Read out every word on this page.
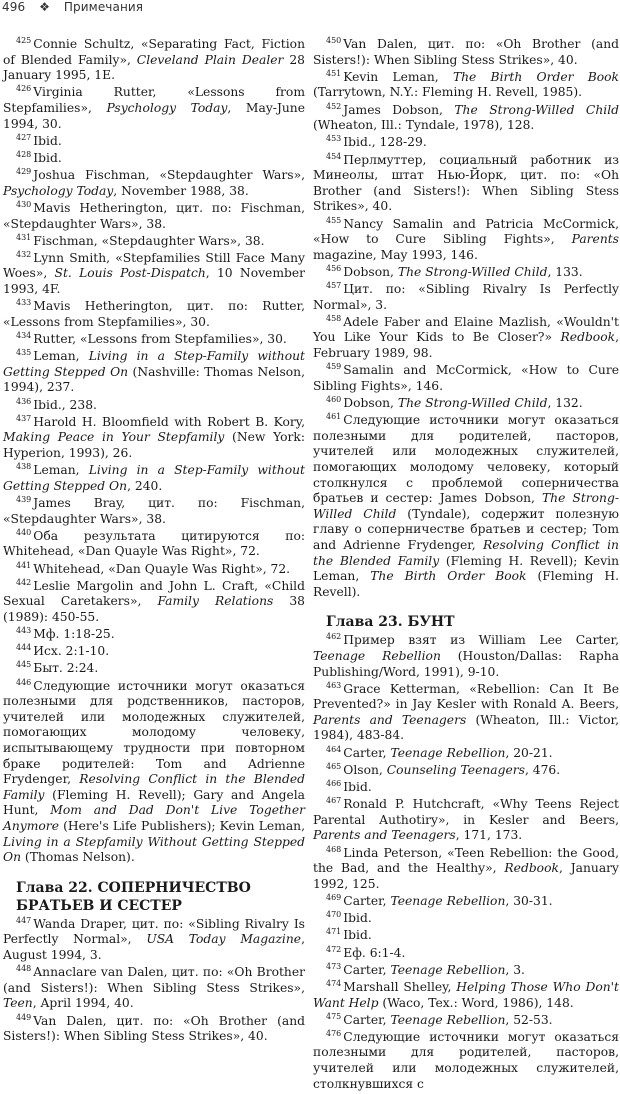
496 ❖ Примечания

$^{425}$ Connie Schultz, «Separating Fact, Fiction of Blended Family», Cleveland Plain Dealer 28 January 1995, 1E.

$^{426}$ Virginia Rutter, «Lessons from Stepfamilies», Psychology Today, May-June 1994, 30.

$^{427}$ Ibid.

$^{428}$ Ibid.

$^{429}$ Joshua Fischman, «Stepdaughter Wars», Psychology Today, November 1988, 38.

$^{430}$ Mavis Hetherington, цит. по: Fischman, «Stepdaughter Wars», 38.

$^{431}$ Fischman, «Stepdaughter Wars», 38.

$^{432}$ Lynn Smith, «Stepfamilies Still Face Many Woes», St. Louis Post-Dispatch, 10 November 1993, 4F.

$^{433}$ Mavis Hetherington, цит. по: Rutter, «Lessons from Stepfamilies», 30.

$^{434}$ Rutter, «Lessons from Stepfamilies», 30.

$^{435}$ Leman, Living in a Step-Family without Getting Stepped On (Nashville: Thomas Nelson, 1994), 237.

$^{436}$ Ibid., 238.

$^{437}$ Harold H. Bloomfield with Robert B. Kory, Making Peace in Your Stepfamily (New York: Hyperion, 1993), 26.

$^{438}$ Leman, Living in a Step-Family without Getting Stepped On, 240.

$^{439}$ James Bray, цит. по: Fischman, «Stepdaughter Wars», 38.

$^{440}$ Оба результата цитируются по: Whitehead, «Dan Quayle Was Right», 72.

$^{441}$ Whitehead, «Dan Quayle Was Right», 72.

$^{442}$ Leslie Margolin and John L. Craft, «Child Sexual Caretakers», Family Relations 38 (1989): 450-55.

$^{443}$ Мф. 1:18-25.

$^{444}$ Исх. 2:1-10.

$^{445}$ Быт. 2:24.

$^{446}$ Следующие источники могут оказаться полезными для родственников, пасторов, учителей или молодежных служителей, помогающих молодому человеку, испытывающему трудности при повторном браке родителей: Tom and Adrienne Frydenger, Resolving Conflict in the Blended Family (Fleming H. Revell); Gary and Angela Hunt, Mom and Dad Don't Live Together Anymore (Here's Life Publishers); Kevin Leman, Living in a Stepfamily Without Getting Stepped On (Thomas Nelson).

Глава 22. СОПЕРНИЧЕСТВО
БРАТЬЕВ И СЕСТЕР

$^{447}$ Wanda Draper, цит. по: «Sibling Rivalry Is Perfectly Normal», USA Today Magazine, August 1994, 3.

$^{448}$ Annaclare van Dalen, цит. по: «Oh Brother (and Sisters!): When Sibling Stess Strikes», Teen, April 1994, 40.

$^{449}$ Van Dalen, цит. по: «Oh Brother (and Sisters!): When Sibling Stess Strikes», 40.

$^{450}$ Van Dalen, цит. по: «Oh Brother (and Sisters!): When Sibling Stess Strikes», 40.

$^{451}$ Kevin Leman, The Birth Order Book (Tarrytown, N.Y.: Fleming H. Revell, 1985).

$^{452}$ James Dobson, The Strong-Willed Child (Wheaton, Ill.: Tyndale, 1978), 128.

$^{453}$ Ibid., 128-29.

$^{454}$ Перлмуттер, социальный работник из Минеолы, штат Нью-Йорк, цит. по: «Oh Brother (and Sisters!): When Sibling Stess Strikes», 40.

$^{455}$ Nancy Samalin and Patricia McCormick, «How to Cure Sibling Fights», Parents magazine, May 1993, 146.

$^{456}$ Dobson, The Strong-Willed Child, 133.

$^{457}$ Цит. по: «Sibling Rivalry Is Perfectly Normal», 3.

$^{458}$ Adele Faber and Elaine Mazlish, «Wouldn't You Like Your Kids to Be Closer?» Redbook, February 1989, 98.

$^{459}$ Samalin and McCormick, «How to Cure Sibling Fights», 146.

$^{460}$ Dobson, The Strong-Willed Child, 132.

$^{461}$ Следующие источники могут оказаться полезными для родителей, пасторов, учителей или молодежных служителей, помогающих молодому человеку, который столкнулся с проблемой соперничества братьев и сестер: James Dobson, The Strong-Willed Child (Tyndale), содержит полезную главу о соперничестве братьев и сестер; Tom and Adrienne Frydenger, Resolving Conflict in the Blended Family (Fleming H. Revell); Kevin Leman, The Birth Order Book (Fleming H. Revell).

Глава 23. БУНТ

$^{462}$ Пример взят из William Lee Carter, Teenage Rebellion (Houston/Dallas: Rapha Publishing/Word, 1991), 9-10.

$^{463}$ Grace Ketterman, «Rebellion: Can It Be Prevented?» in Jay Kesler with Ronald A. Beers, Parents and Teenagers (Wheaton, Ill.: Victor, 1984), 483-84.

$^{464}$ Carter, Teenage Rebellion, 20-21.

$^{465}$ Olson, Counseling Teenagers, 476.

$^{466}$ Ibid.

$^{467}$ Ronald P. Hutchcraft, «Why Teens Reject Parental Authotiry», in Kesler and Beers, Parents and Teenagers, 171, 173.

$^{468}$ Linda Peterson, «Teen Rebellion: the Good, the Bad, and the Healthy», Redbook, January 1992, 125.

$^{469}$ Carter, Teenage Rebellion, 30-31.

$^{470}$ Ibid.

$^{471}$ Ibid.

$^{472}$ Еф. 6:1-4.

$^{473}$ Carter, Teenage Rebellion, 3.

$^{474}$ Marshall Shelley, Helping Those Who Don't Want Help (Waco, Tex.: Word, 1986), 148.

$^{475}$ Carter, Teenage Rebellion, 52-53.

$^{476}$ Следующие источники могут оказаться полезными для родителей, пасторов, учителей или молодежных служителей, столкнувшихся с
